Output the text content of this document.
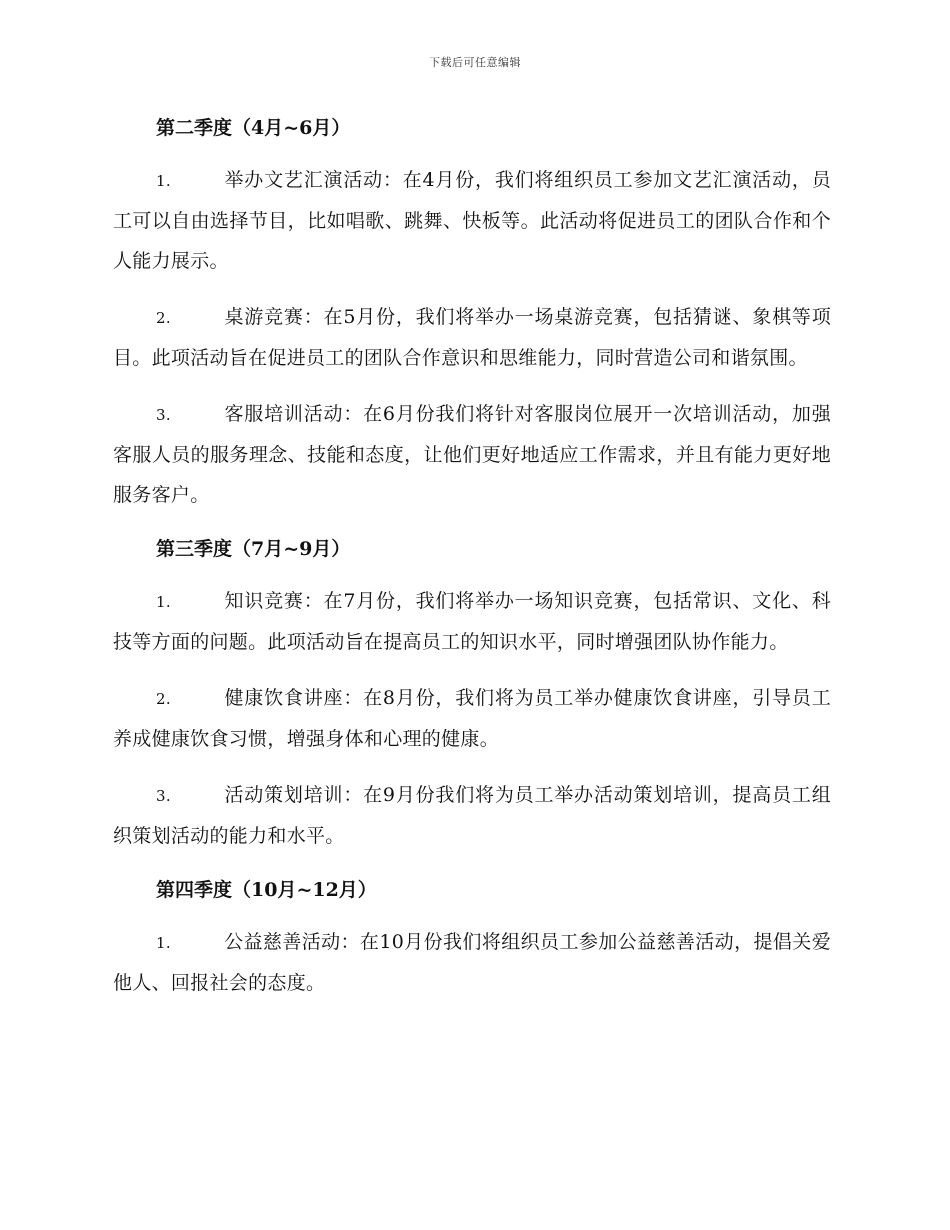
下载后可任意编辑
第二季度（4月~6月）

1.	举办文艺汇演活动：在4月份，我们将组织员工参加文艺汇演活动，员工可以自由选择节目，比如唱歌、跳舞、快板等。此活动将促进员工的团队合作和个人能力展示。

2.	桌游竞赛：在5月份，我们将举办一场桌游竞赛，包括猜谜、象棋等项目。此项活动旨在促进员工的团队合作意识和思维能力，同时营造公司和谐氛围。

3.	客服培训活动：在6月份我们将针对客服岗位展开一次培训活动，加强客服人员的服务理念、技能和态度，让他们更好地适应工作需求，并且有能力更好地服务客户。

第三季度（7月~9月）

1.	知识竞赛：在7月份，我们将举办一场知识竞赛，包括常识、文化、科技等方面的问题。此项活动旨在提高员工的知识水平，同时增强团队协作能力。

2.	健康饮食讲座：在8月份，我们将为员工举办健康饮食讲座，引导员工养成健康饮食习惯，增强身体和心理的健康。

3.	活动策划培训：在9月份我们将为员工举办活动策划培训，提高员工组织策划活动的能力和水平。

第四季度（10月~12月）

1.	公益慈善活动：在10月份我们将组织员工参加公益慈善活动，提倡关爱他人、回报社会的态度。
